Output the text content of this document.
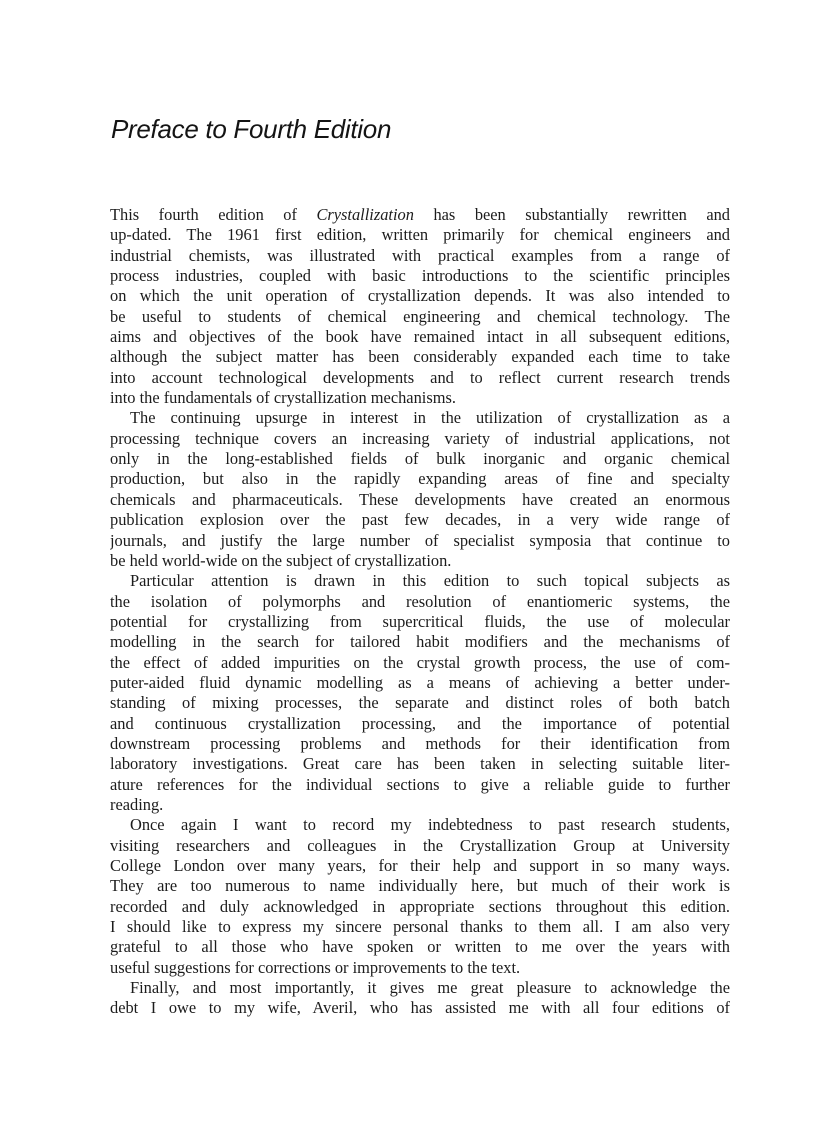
Preface to Fourth Edition
This fourth edition of Crystallization has been substantially rewritten and
up-dated. The 1961 first edition, written primarily for chemical engineers and
industrial chemists, was illustrated with practical examples from a range of
process industries, coupled with basic introductions to the scientific principles
on which the unit operation of crystallization depends. It was also intended to
be useful to students of chemical engineering and chemical technology. The
aims and objectives of the book have remained intact in all subsequent editions,
although the subject matter has been considerably expanded each time to take
into account technological developments and to reflect current research trends
into the fundamentals of crystallization mechanisms.
The continuing upsurge in interest in the utilization of crystallization as a
processing technique covers an increasing variety of industrial applications, not
only in the long-established fields of bulk inorganic and organic chemical
production, but also in the rapidly expanding areas of fine and specialty
chemicals and pharmaceuticals. These developments have created an enormous
publication explosion over the past few decades, in a very wide range of
journals, and justify the large number of specialist symposia that continue to
be held world-wide on the subject of crystallization.
Particular attention is drawn in this edition to such topical subjects as
the isolation of polymorphs and resolution of enantiomeric systems, the
potential for crystallizing from supercritical fluids, the use of molecular
modelling in the search for tailored habit modifiers and the mechanisms of
the effect of added impurities on the crystal growth process, the use of com-
puter-aided fluid dynamic modelling as a means of achieving a better under-
standing of mixing processes, the separate and distinct roles of both batch
and continuous crystallization processing, and the importance of potential
downstream processing problems and methods for their identification from
laboratory investigations. Great care has been taken in selecting suitable liter-
ature references for the individual sections to give a reliable guide to further
reading.
Once again I want to record my indebtedness to past research students,
visiting researchers and colleagues in the Crystallization Group at University
College London over many years, for their help and support in so many ways.
They are too numerous to name individually here, but much of their work is
recorded and duly acknowledged in appropriate sections throughout this edition.
I should like to express my sincere personal thanks to them all. I am also very
grateful to all those who have spoken or written to me over the years with
useful suggestions for corrections or improvements to the text.
Finally, and most importantly, it gives me great pleasure to acknowledge the
debt I owe to my wife, Averil, who has assisted me with all four editions of
